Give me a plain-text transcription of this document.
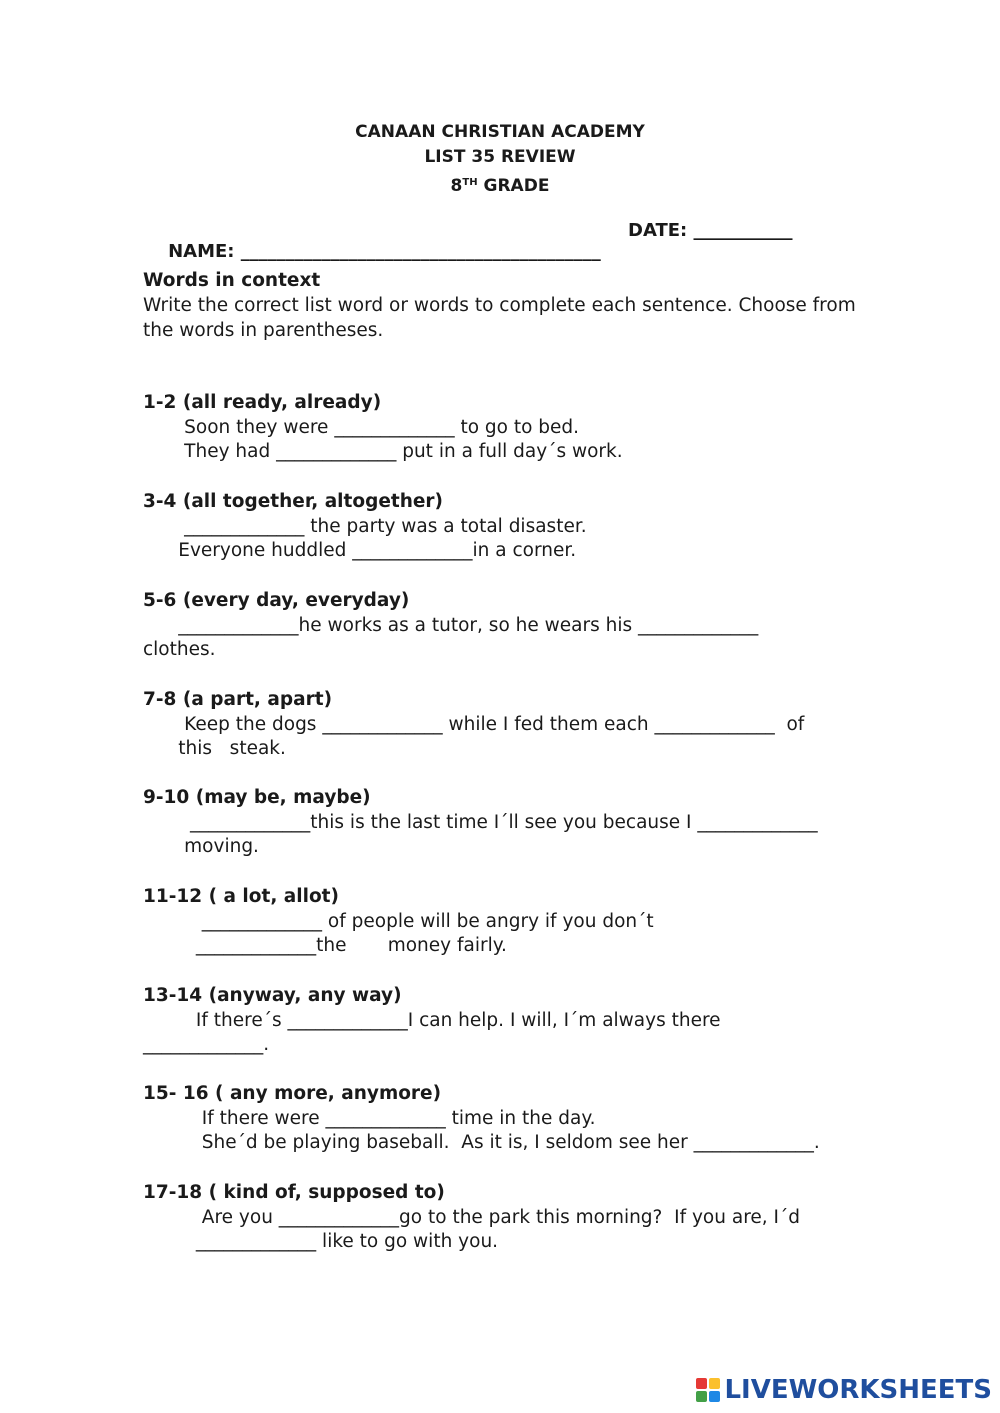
CANAAN CHRISTIAN ACADEMY
LIST 35 REVIEW
8TH GRADE

NAME: ________________________________________

DATE: ___________

Words in context
Write the correct list word or words to complete each sentence. Choose from the words in parentheses.
1-2 (all ready, already)
Soon they were _____________ to go to bed.
They had _____________ put in a full day´s work.
3-4 (all together, altogether)
_____________ the party was a total disaster.
Everyone huddled _____________in a corner.
5-6 (every day, everyday)
_____________he works as a tutor, so he wears his _____________
clothes.
7-8 (a part, apart)
Keep the dogs _____________ while I fed them each _____________  of
this   steak.
9-10 (may be, maybe)
_____________this is the last time I´ll see you because I _____________
moving.
11-12 ( a lot, allot)
_____________ of people will be angry if you don´t
_____________the       money fairly.
13-14 (anyway, any way)
If there´s _____________I can help. I will, I´m always there
_____________.
15- 16 ( any more, anymore)
If there were _____________ time in the day.
She´d be playing baseball.  As it is, I seldom see her _____________.
17-18 ( kind of, supposed to)
Are you _____________go to the park this morning?  If you are, I´d
_____________ like to go with you.
LIVEWORKSHEETS
